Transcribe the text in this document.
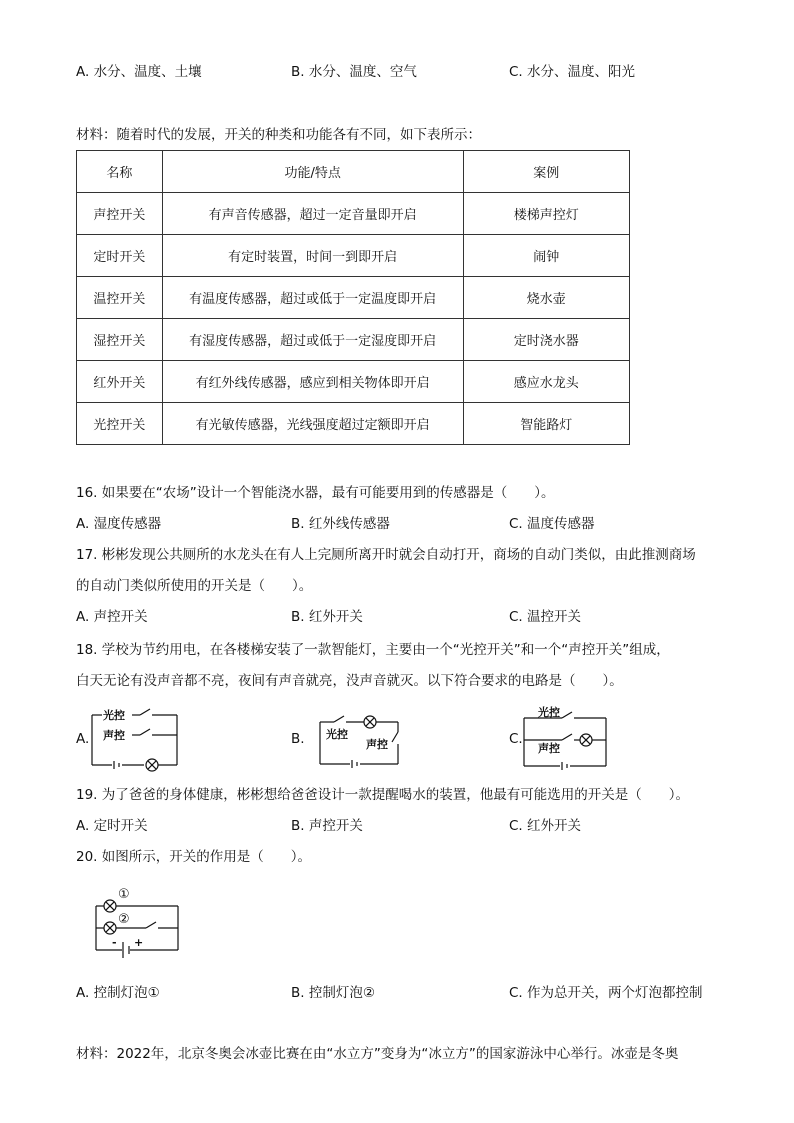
A. 水分、温度、土壤	B. 水分、温度、空气	C. 水分、温度、阳光
材料：随着时代的发展，开关的种类和功能各有不同，如下表所示：
名称	功能/特点	案例
声控开关	有声音传感器，超过一定音量即开启	楼梯声控灯
定时开关	有定时装置，时间一到即开启	闹钟
温控开关	有温度传感器，超过或低于一定温度即开启	烧水壶
湿控开关	有湿度传感器，超过或低于一定湿度即开启	定时浇水器
红外开关	有红外线传感器，感应到相关物体即开启	感应水龙头
光控开关	有光敏传感器，光线强度超过定额即开启	智能路灯
16. 如果要在“农场”设计一个智能浇水器，最有可能要用到的传感器是（　　）。
A. 湿度传感器	B. 红外线传感器	C. 温度传感器
17. 彬彬发现公共厕所的水龙头在有人上完厕所离开时就会自动打开，商场的自动门类似，由此推测商场
的自动门类似所使用的开关是（　　）。
A. 声控开关	B. 红外开关	C. 温控开关
18. 学校为节约用电，在各楼梯安装了一款智能灯，主要由一个“光控开关”和一个“声控开关”组成，
白天无论有没声音都不亮，夜间有声音就亮，没声音就灭。以下符合要求的电路是（　　）。
A.
光控
声控	B. 光控
声控	C.
光控
声控
19. 为了爸爸的身体健康，彬彬想给爸爸设计一款提醒喝水的装置，他最有可能选用的开关是（　　）。
A. 定时开关	B. 声控开关	C. 红外开关
20. 如图所示，开关的作用是（　　）。
①
②
- +
A. 控制灯泡①	B. 控制灯泡②	C. 作为总开关，两个灯泡都控制
材料：2022年，北京冬奥会冰壶比赛在由“水立方”变身为“冰立方”的国家游泳中心举行。冰壶是冬奥
